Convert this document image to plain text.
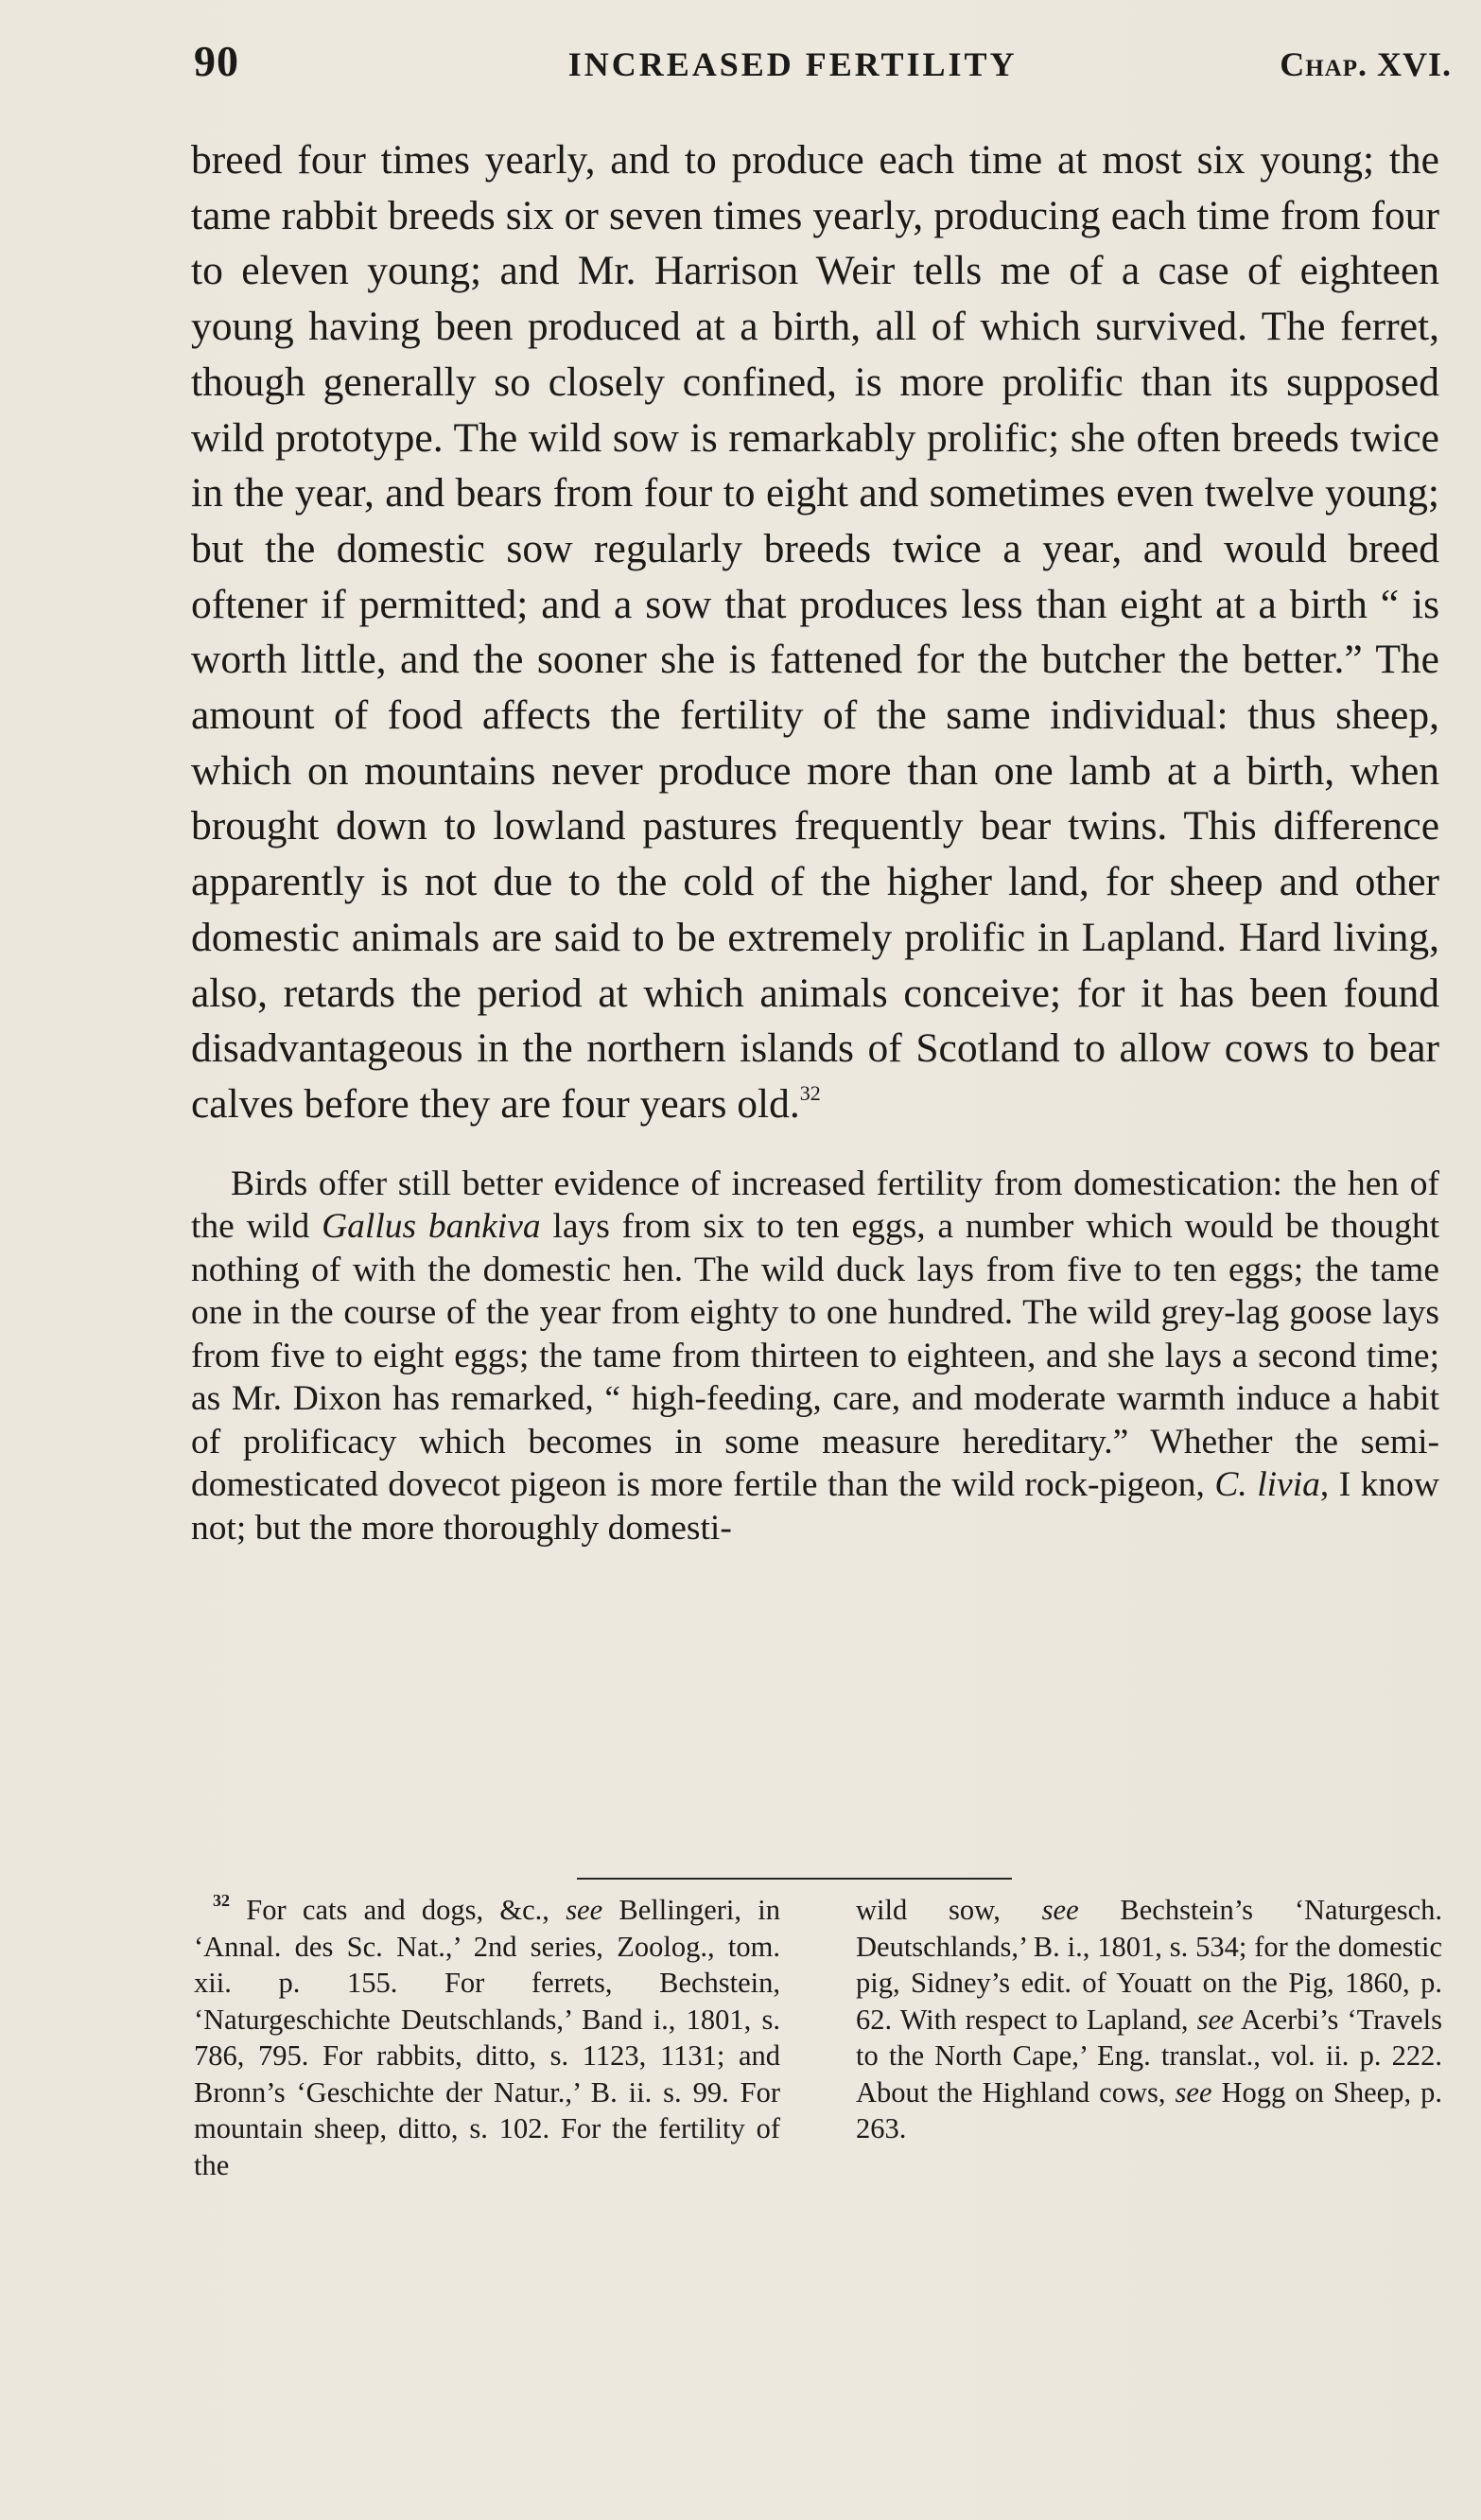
90	INCREASED FERTILITY	Chap. XVI.

breed four times yearly, and to produce each time at most six young; the tame rabbit breeds six or seven times yearly, producing each time from four to eleven young; and Mr. Harrison Weir tells me of a case of eighteen young having been produced at a birth, all of which survived. The ferret, though generally so closely confined, is more prolific than its supposed wild prototype. The wild sow is remarkably prolific; she often breeds twice in the year, and bears from four to eight and sometimes even twelve young; but the domestic sow regularly breeds twice a year, and would breed oftener if permitted; and a sow that produces less than eight at a birth “ is worth little, and the sooner she is fattened for the butcher the better.” The amount of food affects the fertility of the same individual: thus sheep, which on mountains never produce more than one lamb at a birth, when brought down to lowland pastures frequently bear twins. This difference apparently is not due to the cold of the higher land, for sheep and other domestic animals are said to be extremely prolific in Lapland. Hard living, also, retards the period at which animals conceive; for it has been found disadvantageous in the northern islands of Scotland to allow cows to bear calves before they are four years old.$^{32}$

Birds offer still better evidence of increased fertility from domestication: the hen of the wild Gallus bankiva lays from six to ten eggs, a number which would be thought nothing of with the domestic hen. The wild duck lays from five to ten eggs; the tame one in the course of the year from eighty to one hundred. The wild grey-lag goose lays from five to eight eggs; the tame from thirteen to eighteen, and she lays a second time; as Mr. Dixon has remarked, “ high-feeding, care, and moderate warmth induce a habit of prolificacy which becomes in some measure hereditary.” Whether the semi-domesticated dovecot pigeon is more fertile than the wild rock-pigeon, C. livia, I know not; but the more thoroughly domesti-

$^{32}$ For cats and dogs, &c., see Bellingeri, in ‘Annal. des Sc. Nat.,’ 2nd series, Zoolog., tom. xii. p. 155. For ferrets, Bechstein, ‘Naturgeschichte Deutschlands,’ Band i., 1801, s. 786, 795. For rabbits, ditto, s. 1123, 1131; and Bronn’s ‘Geschichte der Natur.,’ B. ii. s. 99. For mountain sheep, ditto, s. 102. For the fertility of the

wild sow, see Bechstein’s ‘Naturgesch. Deutschlands,’ B. i., 1801, s. 534; for the domestic pig, Sidney’s edit. of Youatt on the Pig, 1860, p. 62. With respect to Lapland, see Acerbi’s ‘Travels to the North Cape,’ Eng. translat., vol. ii. p. 222. About the Highland cows, see Hogg on Sheep, p. 263.
